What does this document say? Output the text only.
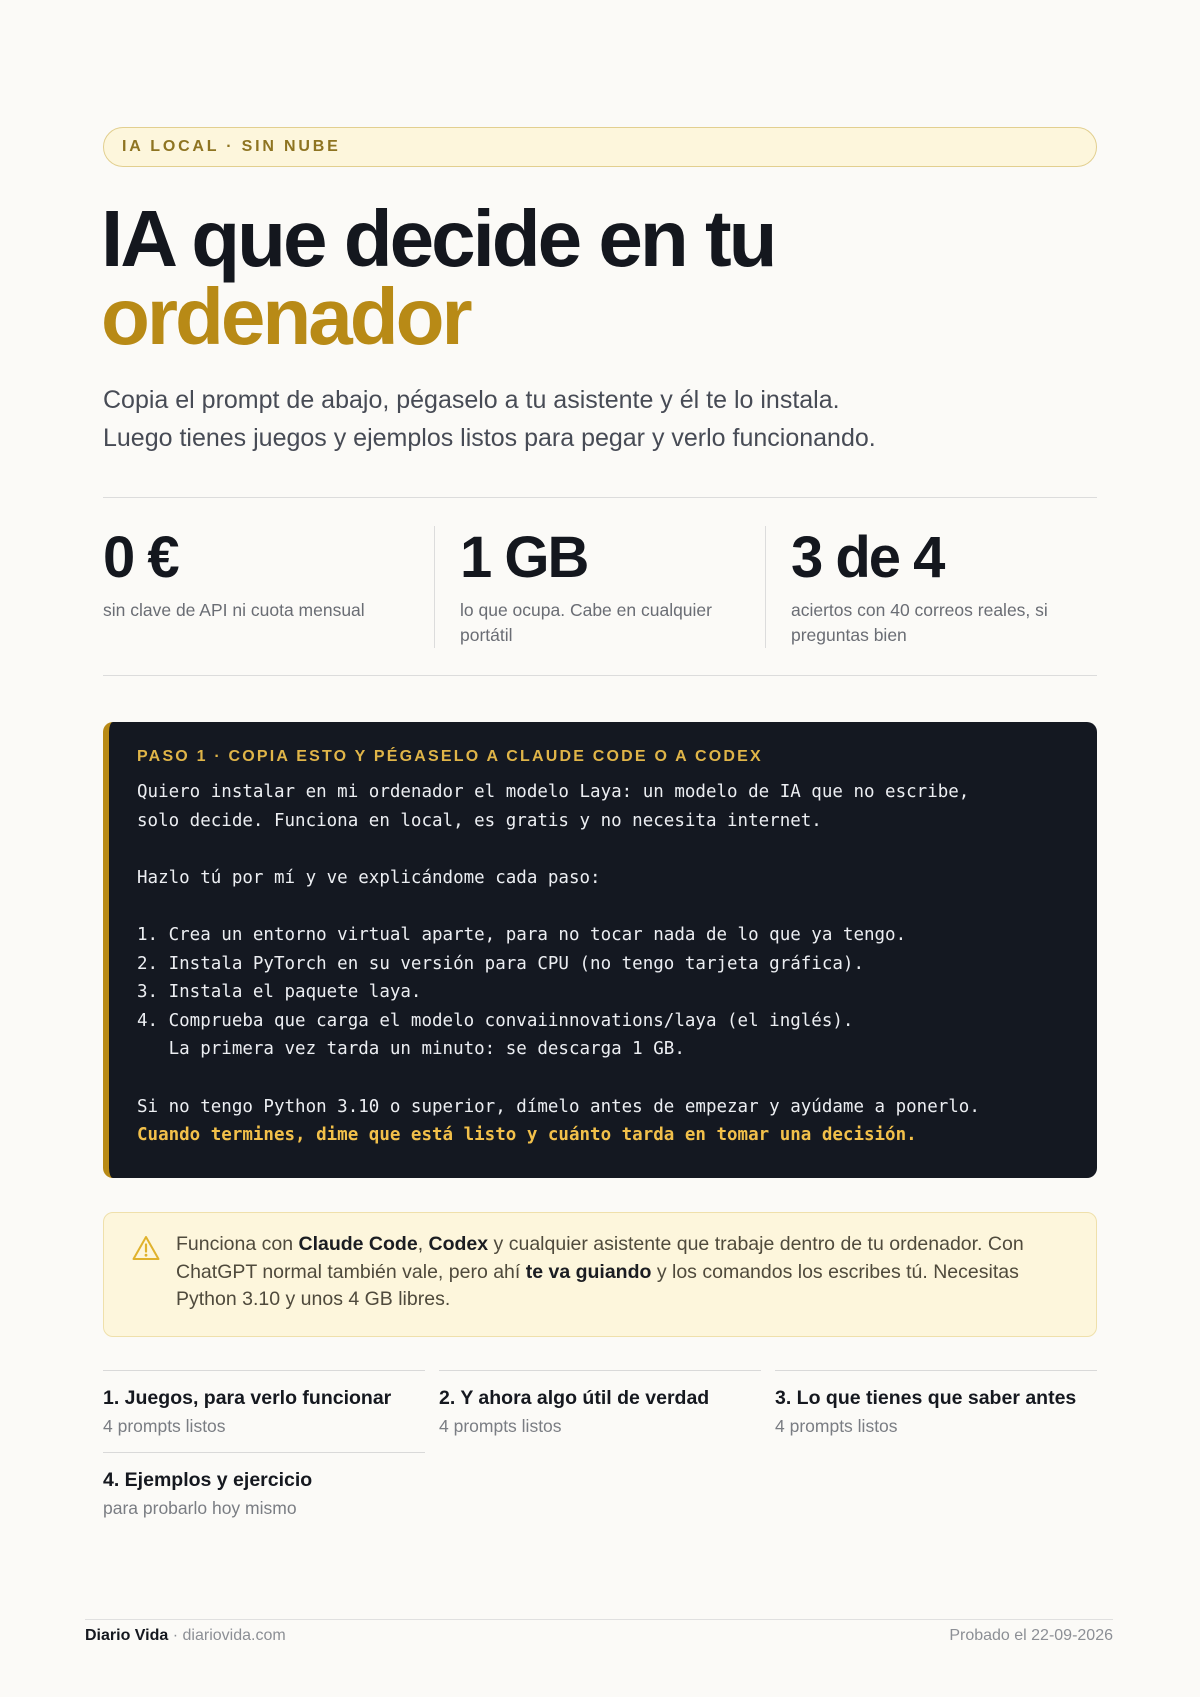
IA LOCAL · SIN NUBE
IA que decide en tu
ordenador

Copia el prompt de abajo, pégaselo a tu asistente y él te lo instala.
Luego tienes juegos y ejemplos listos para pegar y verlo funcionando.

0 €
sin clave de API ni cuota mensual
1 GB
lo que ocupa. Cabe en cualquier portátil
3 de 4
aciertos con 40 correos reales, si preguntas bien
PASO 1 · COPIA ESTO Y PÉGASELO A CLAUDE CODE O A CODEX
Quiero instalar en mi ordenador el modelo Laya: un modelo de IA que no escribe,
solo decide. Funciona en local, es gratis y no necesita internet.

Hazlo tú por mí y ve explicándome cada paso:

1. Crea un entorno virtual aparte, para no tocar nada de lo que ya tengo.
2. Instala PyTorch en su versión para CPU (no tengo tarjeta gráfica).
3. Instala el paquete laya.
4. Comprueba que carga el modelo convaiinnovations/laya (el inglés).
La primera vez tarda un minuto: se descarga 1 GB.

Si no tengo Python 3.10 o superior, dímelo antes de empezar y ayúdame a ponerlo.
Cuando termines, dime que está listo y cuánto tarda en tomar una decisión.

Funciona con Claude Code, Codex y cualquier asistente que trabaje dentro de tu ordenador. Con ChatGPT normal también vale, pero ahí te va guiando y los comandos los escribes tú. Necesitas Python 3.10 y unos 4 GB libres.

1. Juegos, para verlo funcionar
4 prompts listos
2. Y ahora algo útil de verdad
4 prompts listos
3. Lo que tienes que saber antes
4 prompts listos
4. Ejemplos y ejercicio
para probarlo hoy mismo
Diario Vida · diariovida.com	Probado el 22-09-2026
